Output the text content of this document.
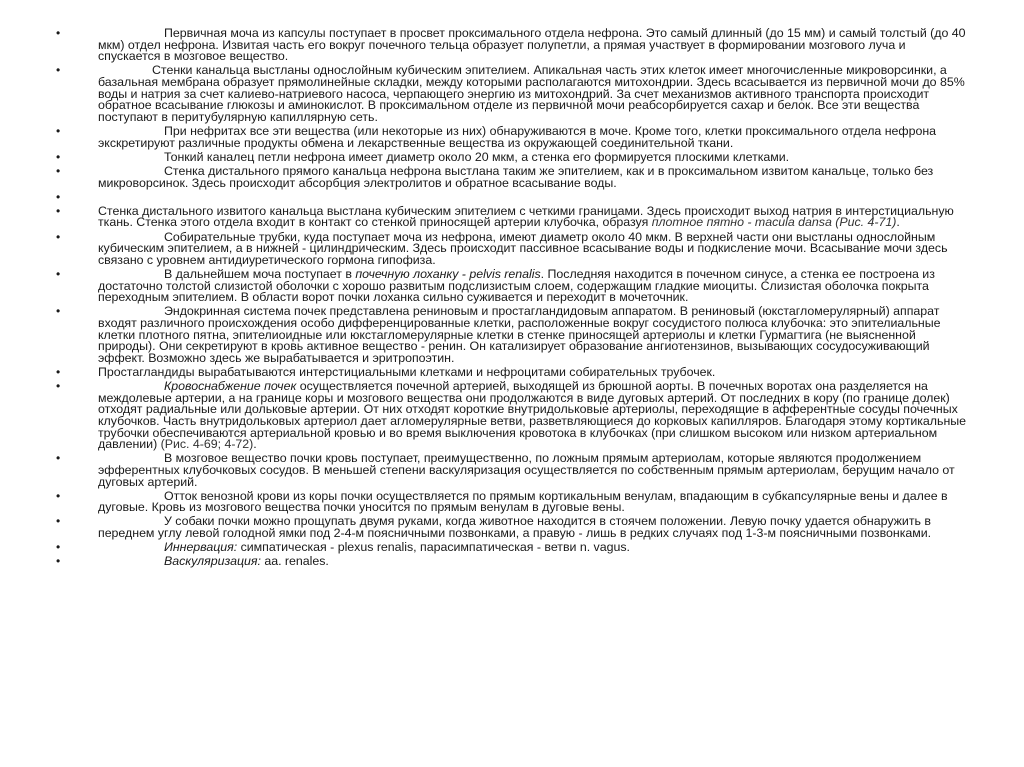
•	Первичная моча из капсулы поступает в просвет проксимального отдела нефрона. Это самый длинный (до 15 мм) и самый толстый (до 40 мкм) отдел нефрона. Извитая часть его вокруг почечного тельца образует полупетли, а прямая участвует в формировании мозгового луча и спускается в мозговое вещество.
•	Стенки канальца выстланы однослойным кубическим эпителием. Апикальная часть этих клеток имеет многочисленные микроворсинки, а базальная мембрана образует прямолинейные складки, между которыми располагаются митохондрии. Здесь всасывается из первичной мочи до 85% воды и натрия за счет калиево-натриевого насоса, черпающего энергию из митохондрий. За счет механизмов активного транспорта происходит обратное всасывание глюкозы и аминокислот. В проксимальном отделе из первичной мочи реабсорбируется сахар и белок. Все эти вещества поступают в перитубулярную капиллярную сеть.
•	При нефритах все эти вещества (или некоторые из них) обнаруживаются в моче. Кроме того, клетки проксимального отдела нефрона экскретируют различные продукты обмена и лекарственные вещества из окружающей соединительной ткани.
•	Тонкий каналец петли нефрона имеет диаметр около 20 мкм, а стенка его формируется плоскими клетками.
•	Стенка дистального прямого канальца нефрона выстлана таким же эпителием, как и в проксимальном извитом канальце, только без микроворсинок. Здесь происходит абсорбция электролитов и обратное всасывание воды.
•
•	Стенка дистального извитого канальца выстлана кубическим эпителием с четкими границами. Здесь происходит выход натрия в интерстициальную ткань. Стенка этого отдела входит в контакт со стенкой приносящей артерии клубочка, образуя плотное пятно - macula dansa (Рис. 4-71).
•	Собирательные трубки, куда поступает моча из нефрона, имеют диаметр около 40 мкм. В верхней части они выстланы однослойным кубическим эпителием, а в нижней - цилиндрическим. Здесь происходит пассивное всасывание воды и подкисление мочи. Всасывание мочи здесь связано с уровнем антидиуретического гормона гипофиза.
•	В дальнейшем моча поступает в почечную лоханку - pelvis renalis. Последняя находится в почечном синусе, а стенка ее построена из достаточно толстой слизистой оболочки с хорошо развитым подслизистым слоем, содержащим гладкие миоциты. Слизистая оболочка покрыта переходным эпителием. В области ворот почки лоханка сильно суживается и переходит в мочеточник.
•	Эндокринная система почек представлена рениновым и простагландидовым аппаратом. В рениновый (юкстагломерулярный) аппарат входят различного происхождения особо дифференцированные клетки, расположенные вокруг сосудистого полюса клубочка: это эпителиальные клетки плотного пятна, эпителиоидные или юкстагломерулярные клетки в стенке приносящей артериолы и клетки Гурмагтига (не выясненной природы). Они секретируют в кровь активное вещество - ренин. Он катализирует образование ангиотензинов, вызывающих сосудосуживающий эффект. Возможно здесь же вырабатывается и эритропоэтин.
•	Простагландиды вырабатываются интерстициальными клетками и нефроцитами собирательных трубочек.
•	Кровоснабжение почек осуществляется почечной артерией, выходящей из брюшной аорты. В почечных воротах она разделяется на междолевые артерии, а на границе коры и мозгового вещества они продолжаются в виде дуговых артерий. От последних в кору (по границе долек) отходят радиальные или дольковые артерии. От них отходят короткие внутридольковые артериолы, переходящие в афферентные сосуды почечных клубочков. Часть внутридольковых артериол дает агломерулярные ветви, разветвляющиеся до корковых капилляров. Благодаря этому кортикальные трубочки обеспечиваются артериальной кровью и во время выключения кровотока в клубочках (при слишком высоком или низком артериальном давлении) (Рис. 4-69; 4-72).
•	В мозговое вещество почки кровь поступает, преимущественно, по ложным прямым артериолам, которые являются продолжением эфферентных клубочковых сосудов. В меньшей степени васкуляризация осуществляется по собственным прямым артериолам, берущим начало от дуговых артерий.
•	Отток венозной крови из коры почки осуществляется по прямым кортикальным венулам, впадающим в субкапсулярные вены и далее в дуговые. Кровь из мозгового вещества почки уносится по прямым венулам в дуговые вены.
•	У собаки почки можно прощупать двумя руками, когда животное находится в стоячем положении. Левую почку удается обнаружить в переднем углу левой голодной ямки под 2-4-м поясничными позвонками, а правую - лишь в редких случаях под 1-3-м поясничными позвонками.
•	Иннервация: симпатическая - plexus renalis, парасимпатическая - ветви n. vagus.
•	Васкуляризация: aa. renales.
